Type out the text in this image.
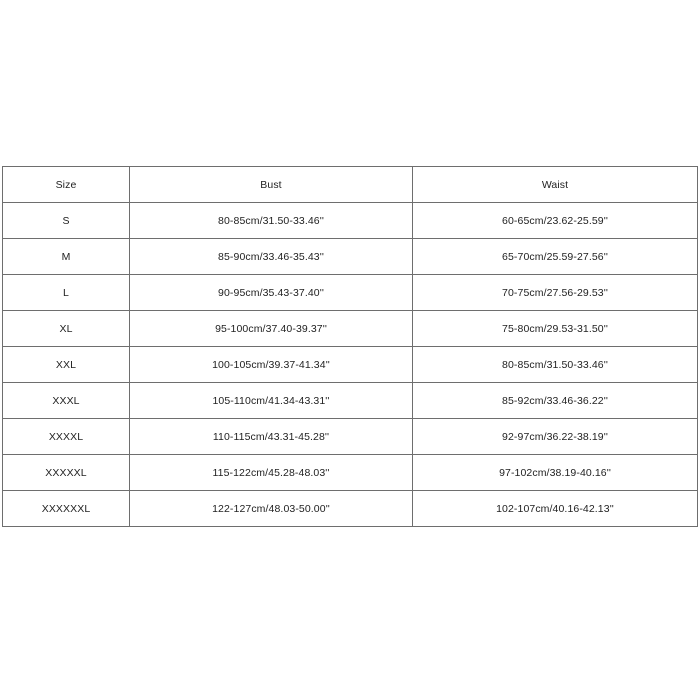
Size	Bust	Waist
S	80-85cm/31.50-33.46''	60-65cm/23.62-25.59''
M	85-90cm/33.46-35.43''	65-70cm/25.59-27.56''
L	90-95cm/35.43-37.40''	70-75cm/27.56-29.53''
XL	95-100cm/37.40-39.37''	75-80cm/29.53-31.50''
XXL	100-105cm/39.37-41.34''	80-85cm/31.50-33.46''
XXXL	105-110cm/41.34-43.31''	85-92cm/33.46-36.22''
XXXXL	110-115cm/43.31-45.28''	92-97cm/36.22-38.19''
XXXXXL	115-122cm/45.28-48.03''	97-102cm/38.19-40.16''
XXXXXXL	122-127cm/48.03-50.00''	102-107cm/40.16-42.13''
